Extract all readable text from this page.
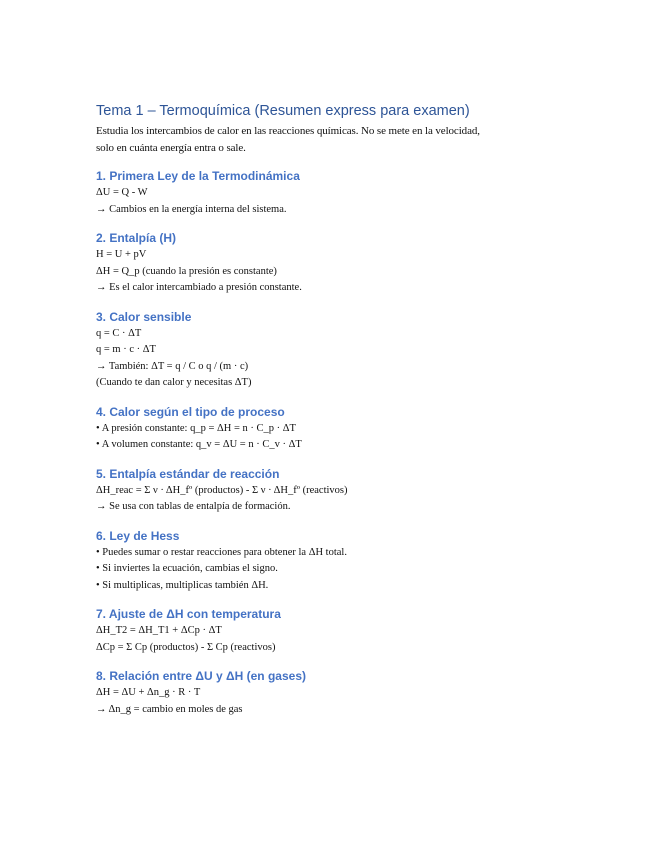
Tema 1 – Termoquímica (Resumen express para examen)

Estudia los intercambios de calor en las reacciones químicas. No se mete en la velocidad,

solo en cuánta energía entra o sale.

1. Primera Ley de la Termodinámica

ΔU = Q - W

→ Cambios en la energía interna del sistema.

2. Entalpía (H)

H = U + pV

ΔH = Q_p (cuando la presión es constante)

→ Es el calor intercambiado a presión constante.

3. Calor sensible

q = C · ΔT

q = m · c · ΔT

→ También: ΔT = q / C o q / (m · c)

(Cuando te dan calor y necesitas ΔT)

4. Calor según el tipo de proceso

• A presión constante: q_p = ΔH = n · C_p · ΔT

• A volumen constante: q_v = ΔU = n · C_v · ΔT

5. Entalpía estándar de reacción

ΔH_reac = Σ ν · ΔH_fº (productos) - Σ ν · ΔH_fº (reactivos)

→ Se usa con tablas de entalpía de formación.

6. Ley de Hess

• Puedes sumar o restar reacciones para obtener la ΔH total.

• Si inviertes la ecuación, cambias el signo.

• Si multiplicas, multiplicas también ΔH.

7. Ajuste de ΔH con temperatura

ΔH_T2 = ΔH_T1 + ΔCp · ΔT

ΔCp = Σ Cp (productos) - Σ Cp (reactivos)

8. Relación entre ΔU y ΔH (en gases)

ΔH = ΔU + Δn_g · R · T

→ Δn_g = cambio en moles de gas
